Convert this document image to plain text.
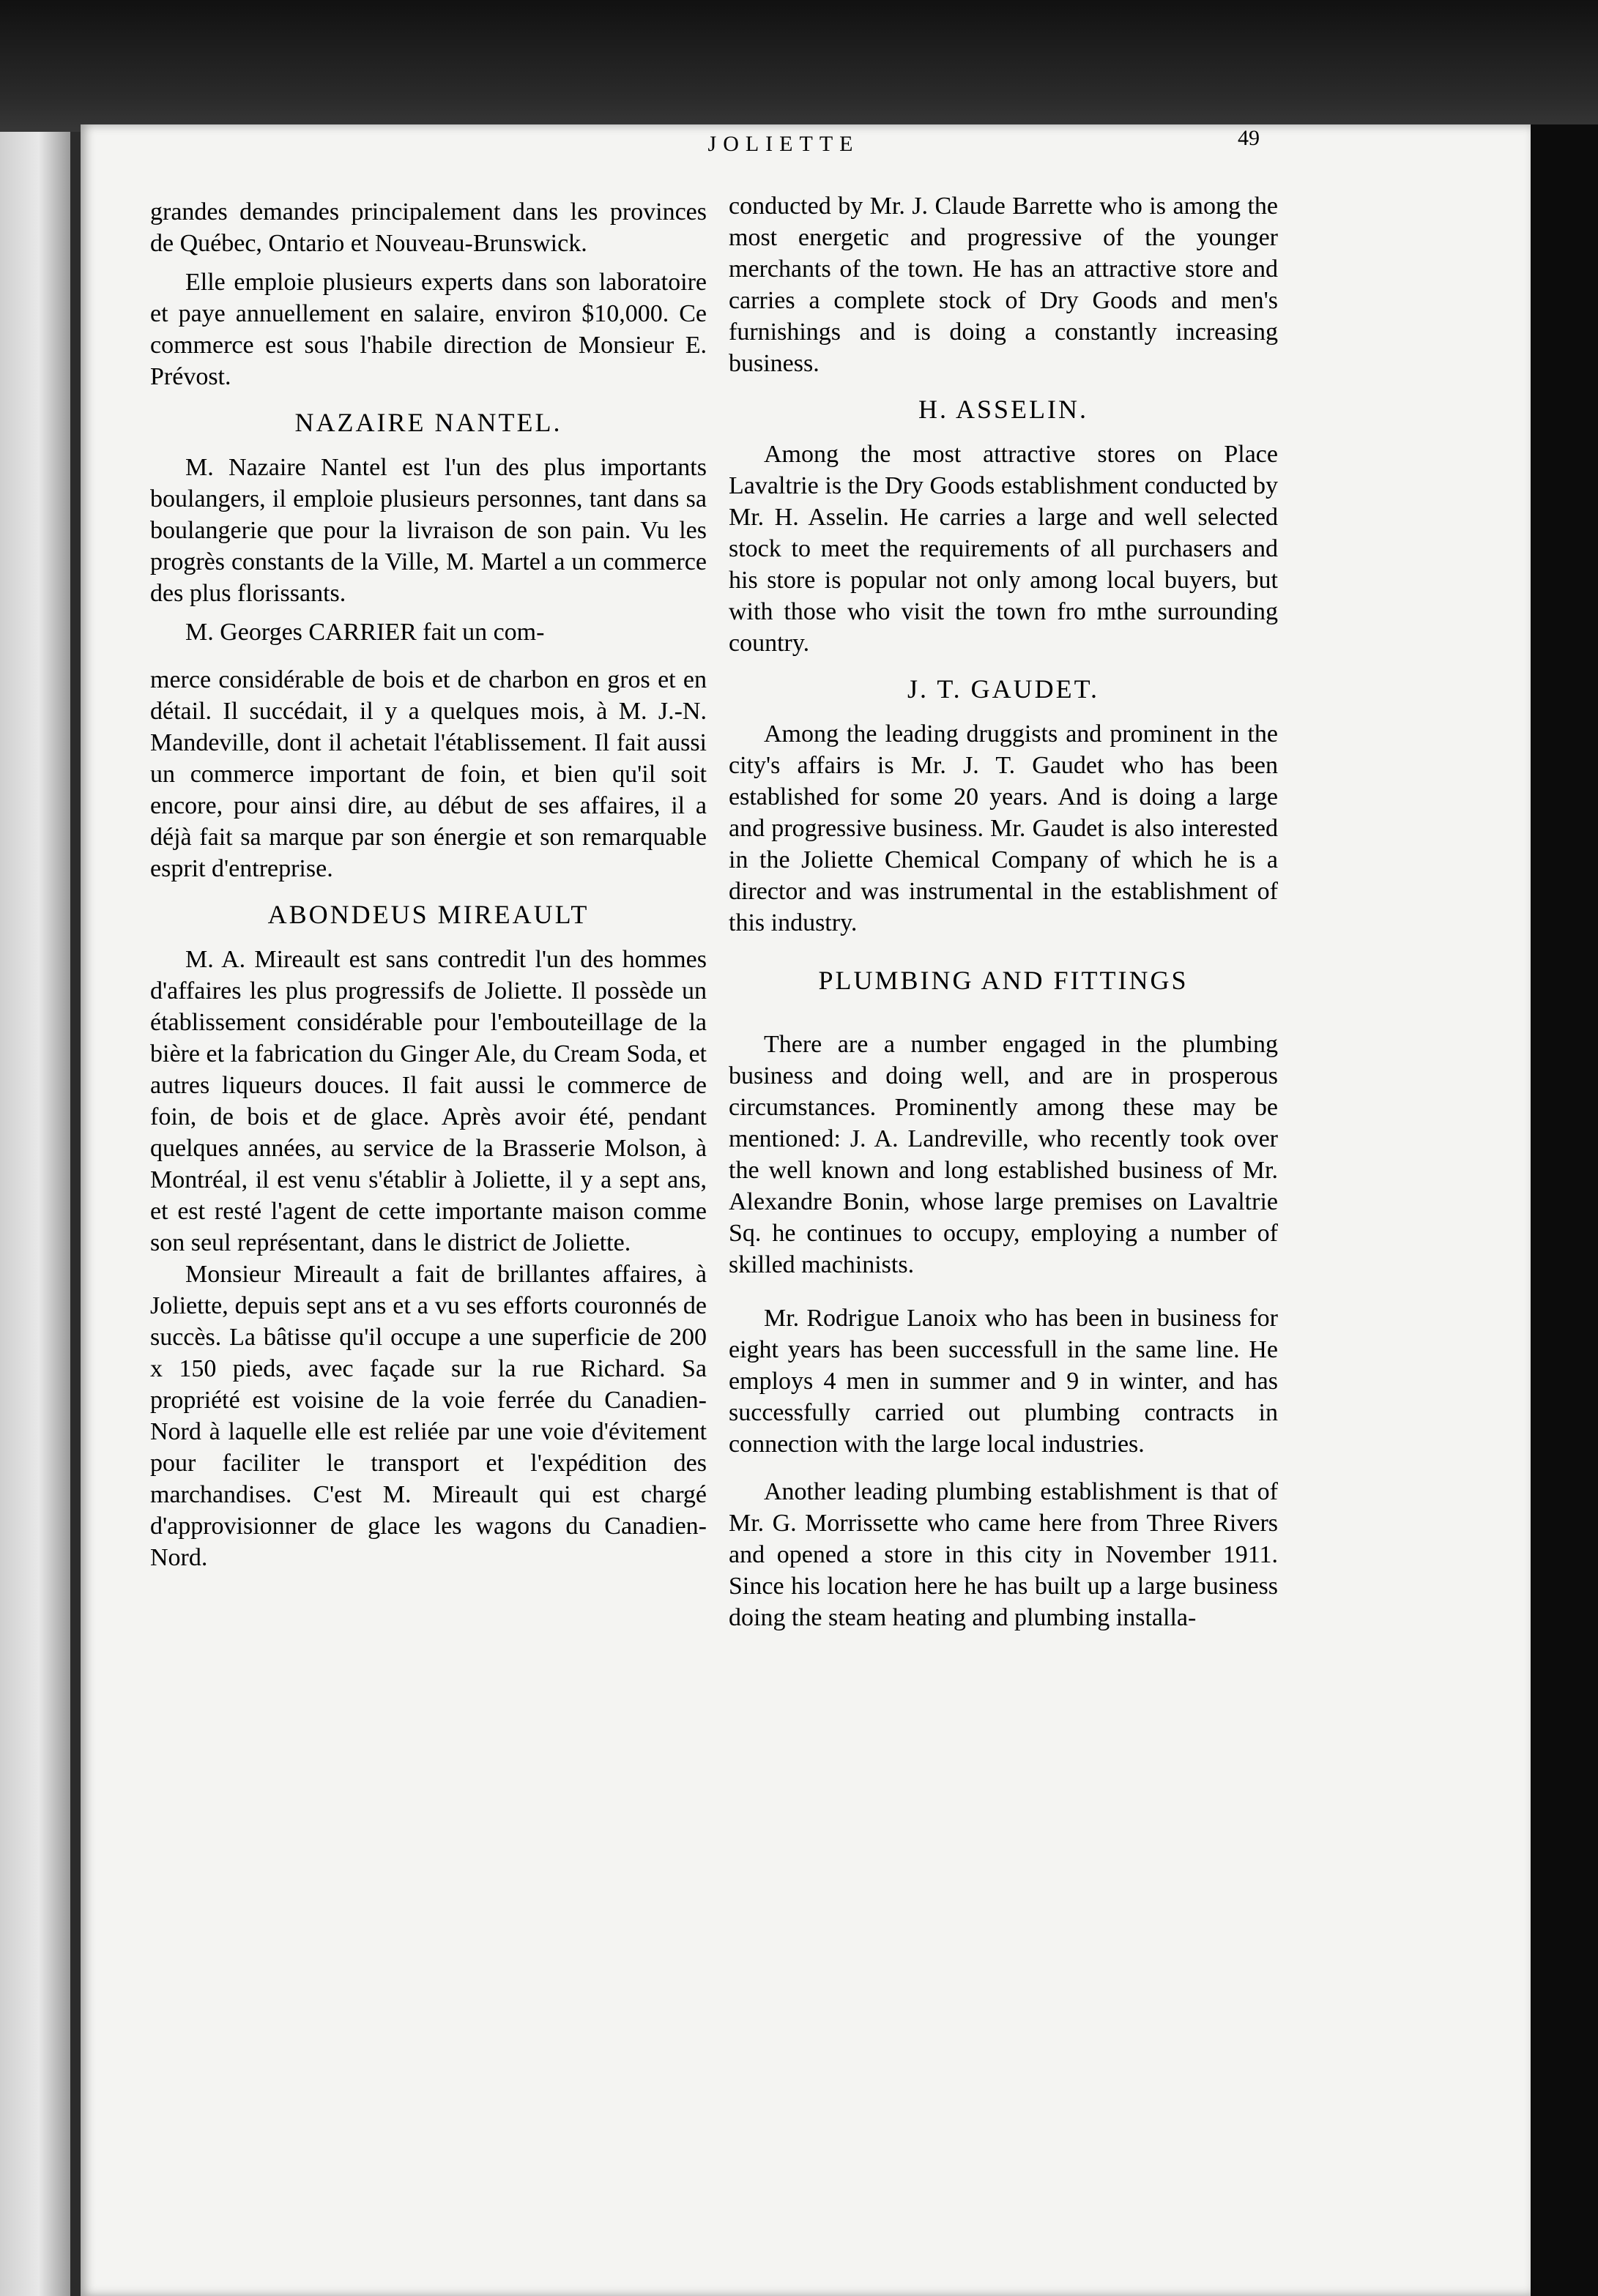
JOLIETTE	49

grandes demandes principalement dans les provinces de Québec, Ontario et Nouveau-Brunswick.

Elle emploie plusieurs experts dans son laboratoire et paye annuellement en salaire, environ $10,000. Ce commerce est sous l'habile direction de Monsieur E. Prévost.

NAZAIRE NANTEL.

M. Nazaire Nantel est l'un des plus importants boulangers, il emploie plusieurs personnes, tant dans sa boulangerie que pour la livraison de son pain. Vu les progrès constants de la Ville, M. Martel a un commerce des plus florissants.

M. Georges CARRIER fait un com-

merce considérable de bois et de charbon en gros et en détail. Il succédait, il y a quelques mois, à M. J.-N. Mandeville, dont il achetait l'établissement. Il fait aussi un commerce important de foin, et bien qu'il soit encore, pour ainsi dire, au début de ses affaires, il a déjà fait sa marque par son énergie et son remarquable esprit d'entreprise.

ABONDEUS MIREAULT

M. A. Mireault est sans contredit l'un des hommes d'affaires les plus progressifs de Joliette. Il possède un établissement considérable pour l'embouteillage de la bière et la fabrication du Ginger Ale, du Cream Soda, et autres liqueurs douces. Il fait aussi le commerce de foin, de bois et de glace. Après avoir été, pendant quelques années, au service de la Brasserie Molson, à Montréal, il est venu s'établir à Joliette, il y a sept ans, et est resté l'agent de cette importante maison comme son seul représentant, dans le district de Joliette.

Monsieur Mireault a fait de brillantes affaires, à Joliette, depuis sept ans et a vu ses efforts couronnés de succès. La bâtisse qu'il occupe a une superficie de 200 x 150 pieds, avec façade sur la rue Richard. Sa propriété est voisine de la voie ferrée du Canadien-Nord à laquelle elle est reliée par une voie d'évitement pour faciliter le transport et l'expédition des marchandises. C'est M. Mireault qui est chargé d'approvisionner de glace les wagons du Canadien-Nord.

conducted by Mr. J. Claude Barrette who is among the most energetic and progressive of the younger merchants of the town. He has an attractive store and carries a complete stock of Dry Goods and men's furnishings and is doing a constantly increasing business.

H. ASSELIN.

Among the most attractive stores on Place Lavaltrie is the Dry Goods establishment conducted by Mr. H. Asselin. He carries a large and well selected stock to meet the requirements of all purchasers and his store is popular not only among local buyers, but with those who visit the town fro mthe surrounding country.

J. T. GAUDET.

Among the leading druggists and prominent in the city's affairs is Mr. J. T. Gaudet who has been established for some 20 years. And is doing a large and progressive business. Mr. Gaudet is also interested in the Joliette Chemical Company of which he is a director and was instrumental in the establishment of this industry.

PLUMBING AND FITTINGS

There are a number engaged in the plumbing business and doing well, and are in prosperous circumstances. Prominently among these may be mentioned: J. A. Landreville, who recently took over the well known and long established business of Mr. Alexandre Bonin, whose large premises on Lavaltrie Sq. he continues to occupy, employing a number of skilled machinists.

Mr. Rodrigue Lanoix who has been in business for eight years has been successfull in the same line. He employs 4 men in summer and 9 in winter, and has successfully carried out plumbing contracts in connection with the large local industries.

Another leading plumbing establishment is that of Mr. G. Morrissette who came here from Three Rivers and opened a store in this city in November 1911. Since his location here he has built up a large business doing the steam heating and plumbing installa-
